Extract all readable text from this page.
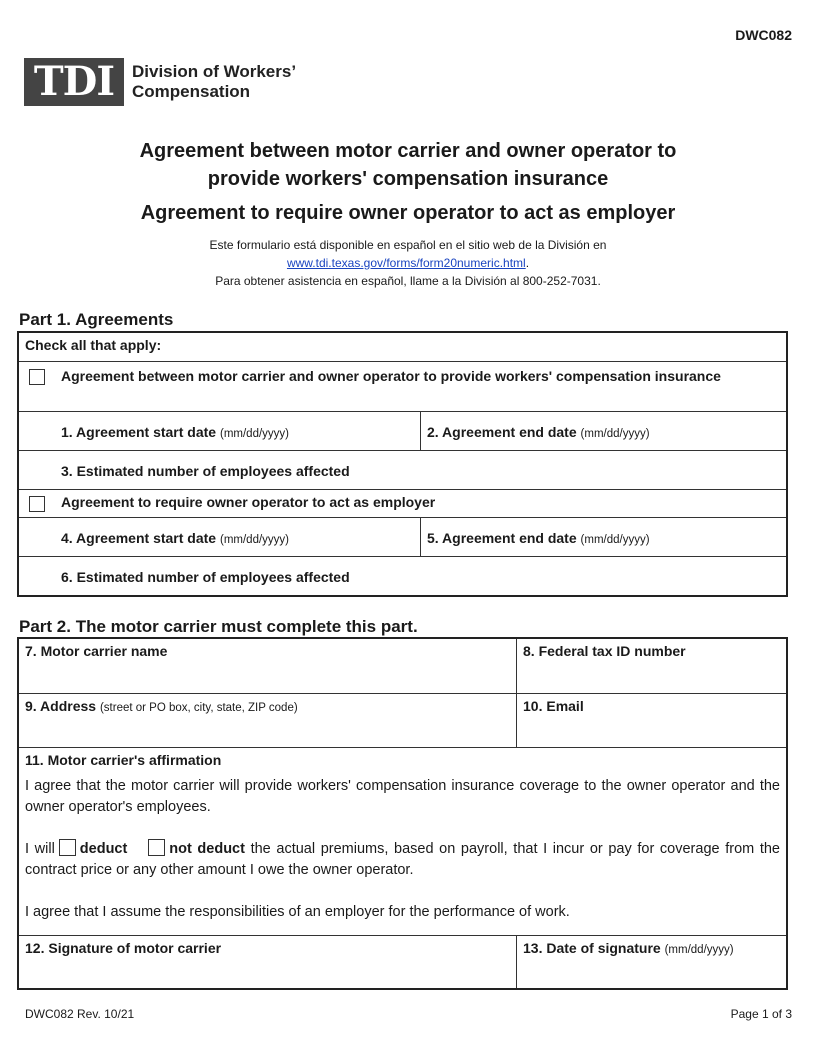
DWC082
TDI	Division of Workers’
Compensation
Agreement between motor carrier and owner operator to
provide workers' compensation insurance
Agreement to require owner operator to act as employer
Este formulario está disponible en español en el sitio web de la División en
www.tdi.texas.gov/forms/form20numeric.html.
Para obtener asistencia en español, llame a la División al 800-252-7031.
Part 1. Agreements
Check all that apply:
Agreement between motor carrier and owner operator to provide workers' compensation insurance
1. Agreement start date (mm/dd/yyyy)	2. Agreement end date (mm/dd/yyyy)
3. Estimated number of employees affected
Agreement to require owner operator to act as employer
4. Agreement start date (mm/dd/yyyy)	5. Agreement end date (mm/dd/yyyy)
6. Estimated number of employees affected
Part 2. The motor carrier must complete this part.
7. Motor carrier name	8. Federal tax ID number
9. Address (street or PO box, city, state, ZIP code)	10. Email
11. Motor carrier's affirmation

I agree that the motor carrier will provide workers' compensation insurance coverage to the owner operator and the owner operator's employees.

I will deduct	not deduct the actual premiums, based on payroll, that I incur or pay for coverage from the contract price or any other amount I owe the owner operator.

I agree that I assume the responsibilities of an employer for the performance of work.

12. Signature of motor carrier	13. Date of signature (mm/dd/yyyy)
DWC082 Rev. 10/21	Page 1 of 3
